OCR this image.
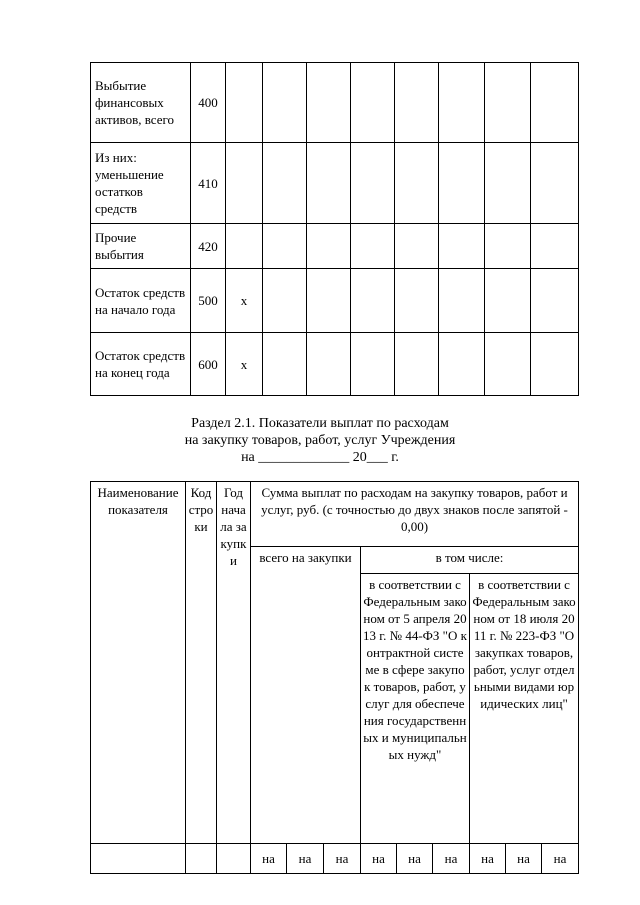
Выбытие финансовых активов, всего	400								
Из них: уменьшение остатков средств	410								
Прочие выбытия	420								
Остаток средств на начало года	500	x							
Остаток средств на конец года	600	x							
Раздел 2.1. Показатели выплат по расходам
на закупку товаров, работ, услуг Учреждения
на _____________ 20___ г.
Наименование показателя	Код строки	Год начала закупки	Сумма выплат по расходам на закупку товаров, работ и услуг, руб. (с точностью до двух знаков после запятой - 0,00)								
			всего на закупки			в том числе:					
						в соответствии с Федеральным законом от 5 апреля 2013 г. № 44-ФЗ "О контрактной системе в сфере закупок товаров, работ, услуг для обеспечения государственных и муниципальных нужд"			в соответствии с Федеральным законом от 18 июля 2011 г. № 223-ФЗ "О закупках товаров, работ, услуг отдельными видами юридических лиц"		
			на	на	на	на	на	на	на	на	на
